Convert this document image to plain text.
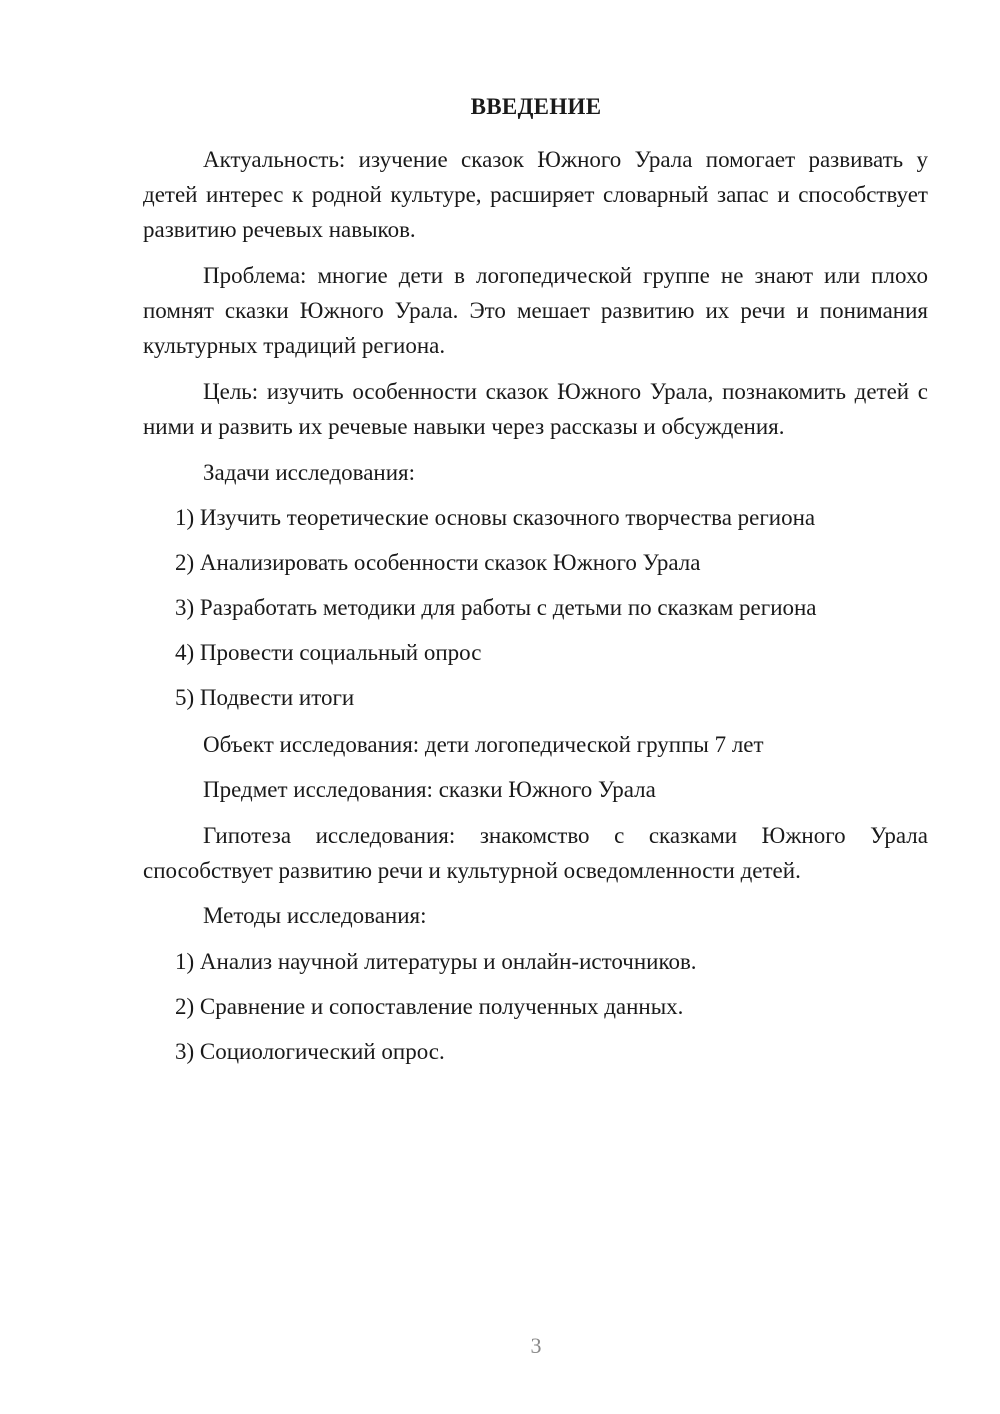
ВВЕДЕНИЕ

Актуальность: изучение сказок Южного Урала помогает развивать у детей интерес к родной культуре, расширяет словарный запас и способствует развитию речевых навыков.

Проблема: многие дети в логопедической группе не знают или плохо помнят сказки Южного Урала. Это мешает развитию их речи и понимания культурных традиций региона.

Цель: изучить особенности сказок Южного Урала, познакомить детей с ними и развить их речевые навыки через рассказы и обсуждения.

Задачи исследования:

1) Изучить теоретические основы сказочного творчества региона

2) Анализировать особенности сказок Южного Урала

3) Разработать методики для работы с детьми по сказкам региона

4) Провести социальный опрос

5) Подвести итоги

Объект исследования: дети логопедической группы 7 лет

Предмет исследования: сказки Южного Урала

Гипотеза исследования: знакомство с сказками Южного Урала способствует развитию речи и культурной осведомленности детей.

Методы исследования:

1) Анализ научной литературы и онлайн-источников.

2) Сравнение и сопоставление полученных данных.

3) Социологический опрос.

3
